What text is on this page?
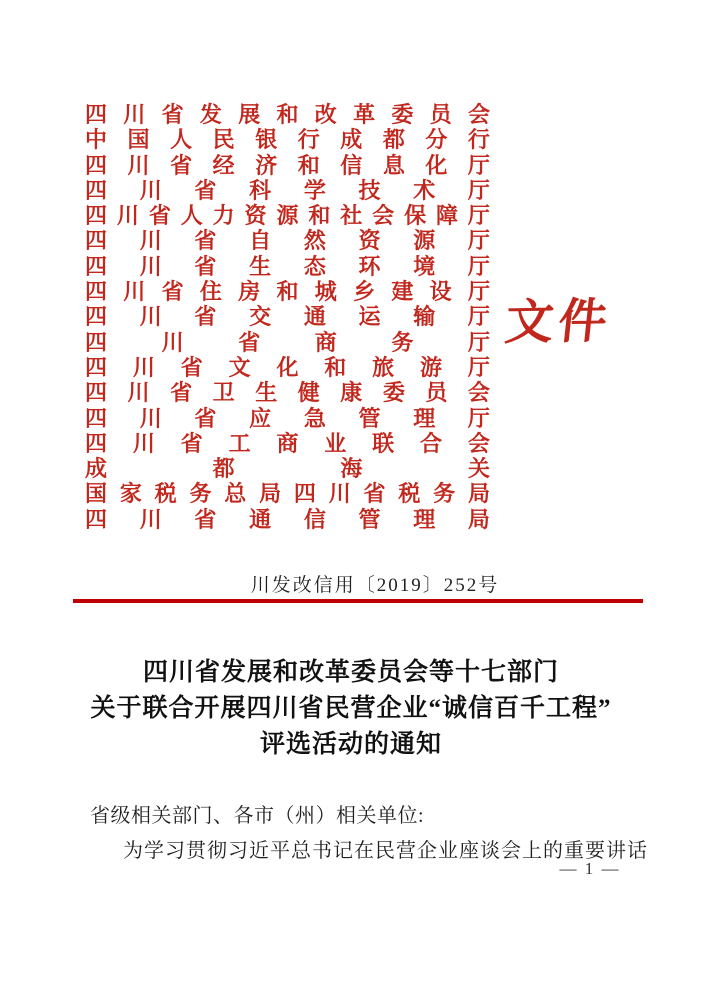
四 川 省 发 展 和 改 革 委 员 会
中 国 人 民 银 行 成 都 分 行
四 川 省 经 济 和 信 息 化 厅
四 川 省 科 学 技 术 厅
四 川 省 人 力 资 源 和 社 会 保 障 厅
四 川 省 自 然 资 源 厅
四 川 省 生 态 环 境 厅
四 川 省 住 房 和 城 乡 建 设 厅
四 川 省 交 通 运 输 厅
四 川 省 商 务 厅
四 川 省 文 化 和 旅 游 厅
四 川 省 卫 生 健 康 委 员 会
四 川 省 应 急 管 理 厅
四 川 省 工 商 业 联 合 会
成	都	海	关
国 家 税 务 总 局 四 川 省 税 务 局
四 川 省 通 信 管 理 局
文件
川发改信用〔2019〕252号
四川省发展和改革委员会等十七部门
关于联合开展四川省民营企业“诚信百千工程”
评选活动的通知
省级相关部门、各市（州）相关单位:
为学习贯彻习近平总书记在民营企业座谈会上的重要讲话
— 1 —
